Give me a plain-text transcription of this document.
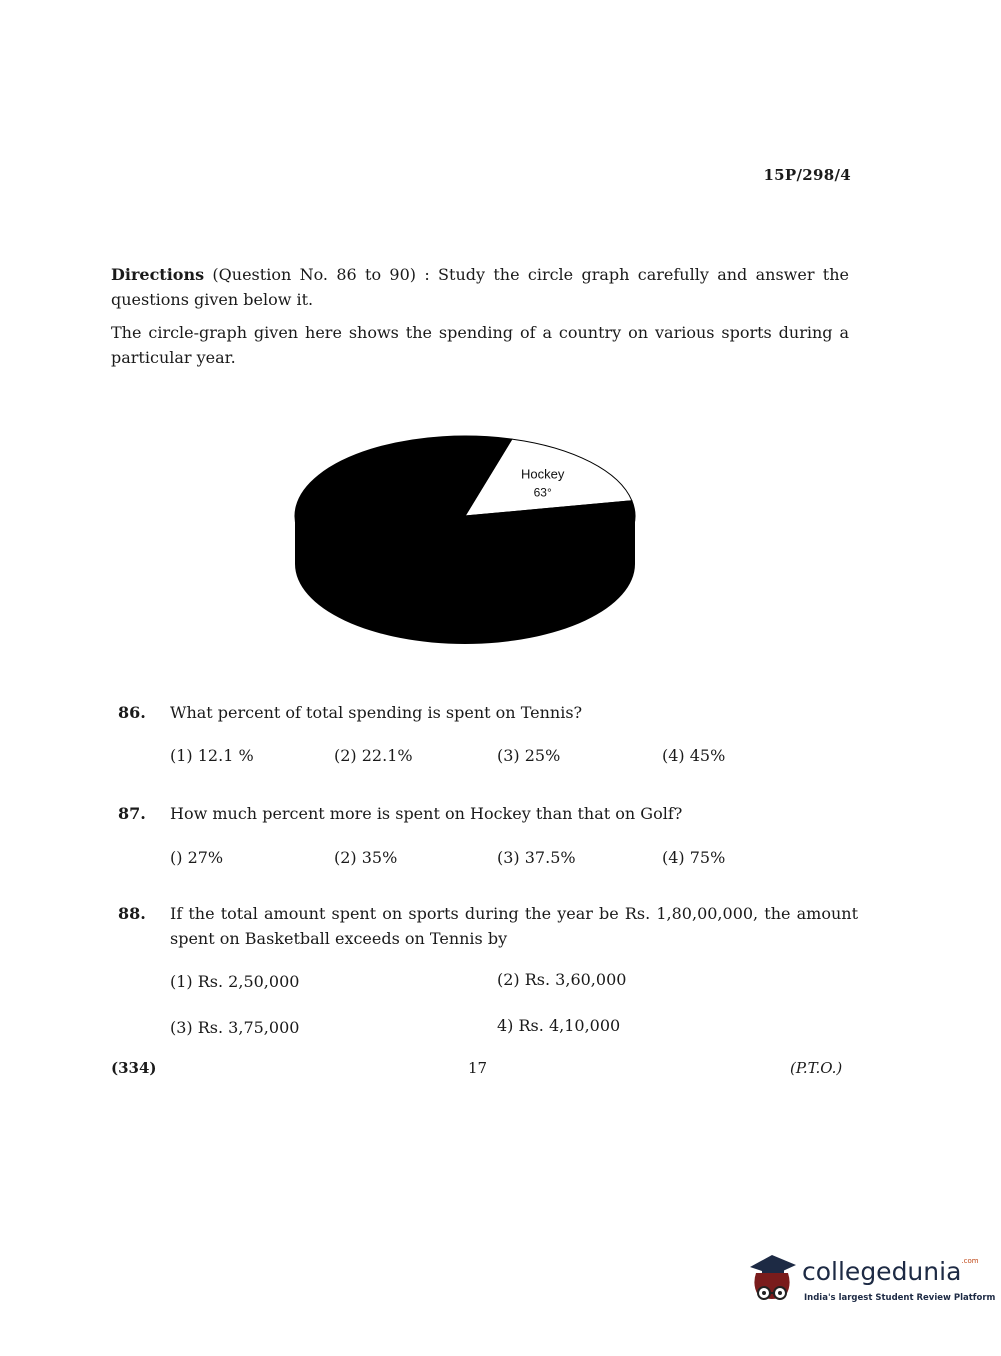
15P/298/4
Directions (Question No. 86 to 90) : Study the circle graph carefully and answer the questions given below it.
The circle-graph given here shows the spending of a country on various sports during a particular year.
Hockey
63°
86. What percent of total spending is spent on Tennis?
(1) 12.1 %	(2) 22.1%	(3) 25%	(4) 45%
87. How much percent more is spent on Hockey than that on Golf?
() 27%	(2) 35%	(3) 37.5%	(4) 75%
88. If the total amount spent on sports during the year be Rs. 1,80,00,000, the amount spent on Basketball exceeds on Tennis by
(1) Rs. 2,50,000	(2) Rs. 3,60,000
(3) Rs. 3,75,000	4) Rs. 4,10,000
(334)	17	(P.T.O.)
collegedunia$^{.com}$
India's largest Student Review Platform
